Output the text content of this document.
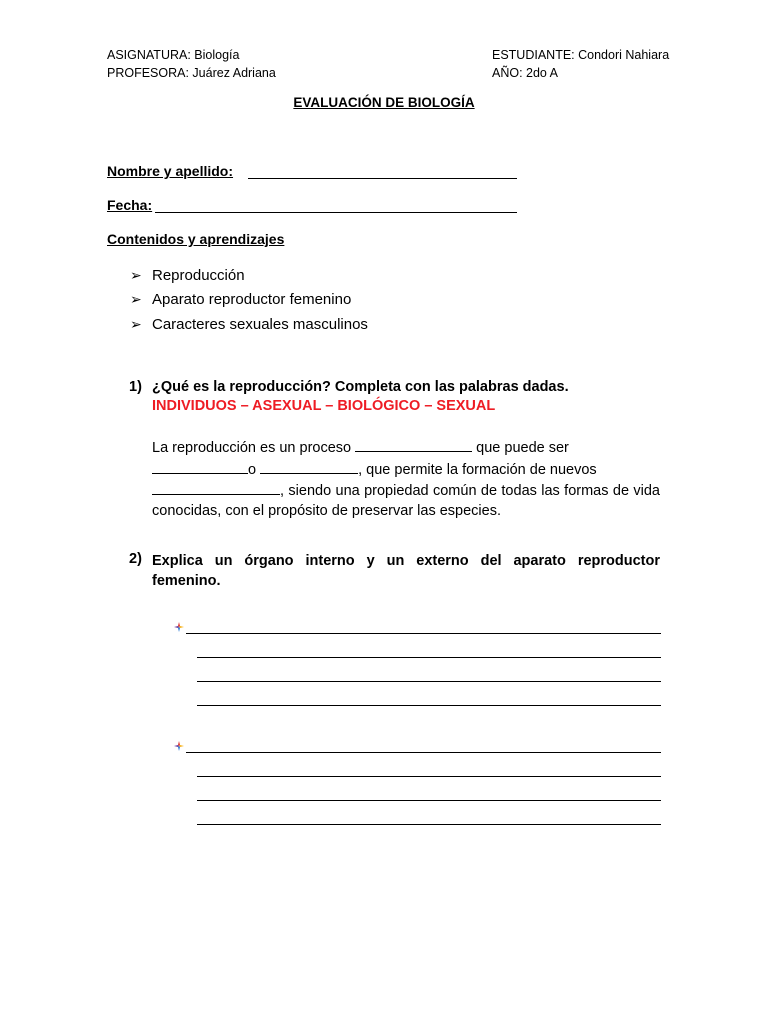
ASIGNATURA: Biología
PROFESORA: Juárez Adriana
ESTUDIANTE: Condori Nahiara
AÑO: 2do A
EVALUACIÓN DE BIOLOGÍA
Nombre y apellido:
Fecha:
Contenidos y aprendizajes
➢ Reproducción
➢ Aparato reproductor femenino
➢ Caracteres sexuales masculinos
1) ¿Qué es la reproducción? Completa con las palabras dadas.
INDIVIDUOS – ASEXUAL – BIOLÓGICO – SEXUAL
La reproducción es un proceso	que puede ser
o	, que permite la formación de nuevos
, siendo una propiedad común de todas las formas de vida conocidas, con el propósito de preservar las especies.
2) Explica un órgano interno y un externo del aparato reproductor femenino.
